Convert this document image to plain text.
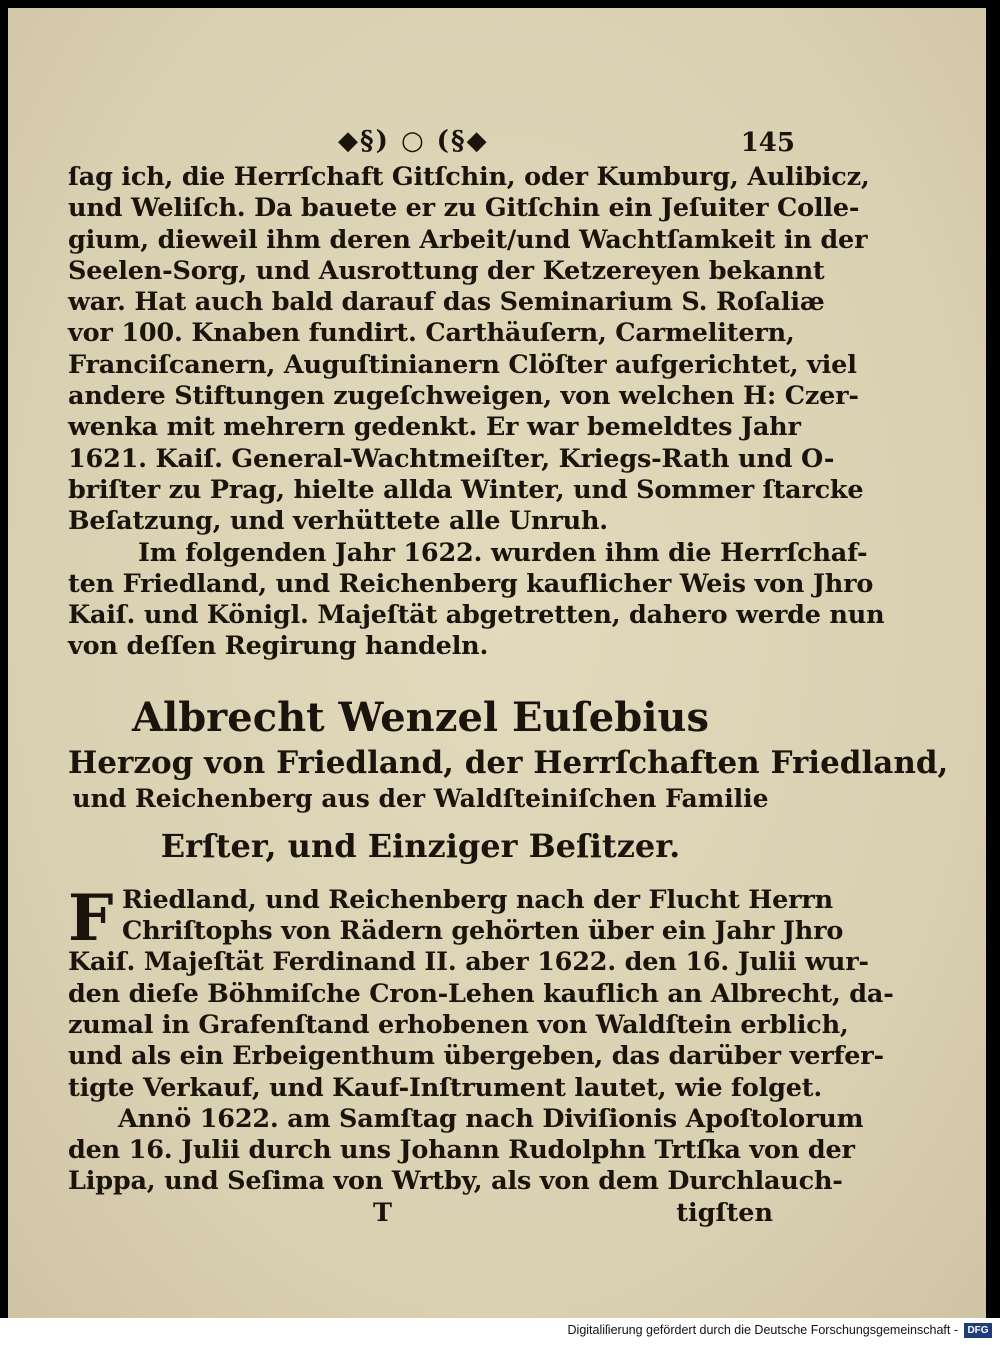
◆§) ○ (§◆	145
ſag ich, die Herrſchaft Gitſchin, oder Kumburg, Aulibicz,
und Weliſch. Da bauete er zu Gitſchin ein Jeſuiter Colle-
gium, dieweil ihm deren Arbeit/und Wachtſamkeit in der
Seelen-Sorg, und Ausrottung der Ketzereyen bekannt
war. Hat auch bald darauf das Seminarium S. Roſaliæ
vor 100. Knaben fundirt. Carthäuſern, Carmelitern,
Franciſcanern, Auguſtinianern Clöſter aufgerichtet, viel
andere Stiftungen zugeſchweigen, von welchen H: Czer-
wenka mit mehrern gedenkt. Er war bemeldtes Jahr
1621. Kaiſ. General-Wachtmeiſter, Kriegs-Rath und O-
briſter zu Prag, hielte allda Winter, und Sommer ſtarcke
Beſatzung, und verhüttete alle Unruh.
Im folgenden Jahr 1622. wurden ihm die Herrſchaf-
ten Friedland, und Reichenberg kauflicher Weis von Jhro
Kaiſ. und Königl. Majeſtät abgetretten, dahero werde nun
von deſſen Regirung handeln.
Albrecht Wenzel Euſebius
Herzog von Friedland, der Herrſchaften Friedland,
und Reichenberg aus der Waldſteiniſchen Familie
Erſter, und Einziger Beſitzer.
F Riedland, und Reichenberg nach der Flucht Herrn
Chriſtophs von Rädern gehörten über ein Jahr Jhro
Kaiſ. Majeſtät Ferdinand II. aber 1622. den 16. Julii wur-
den dieſe Böhmiſche Cron-Lehen kauflich an Albrecht, da-
zumal in Grafenſtand erhobenen von Waldſtein erblich,
und als ein Erbeigenthum übergeben, das darüber verfer-
tigte Verkauf, und Kauf-Inſtrument lautet, wie folget.
Annö 1622. am Samſtag nach Diviſionis Apoſtolorum
den 16. Julii durch uns Johann Rudolphn Trtſka von der
Lippa, und Seſima von Wrtby, als von dem Durchlauch-
T	tigſten
Digitaliſierung gefördert durch die Deutsche Forschungsgemeinschaft - DFG
